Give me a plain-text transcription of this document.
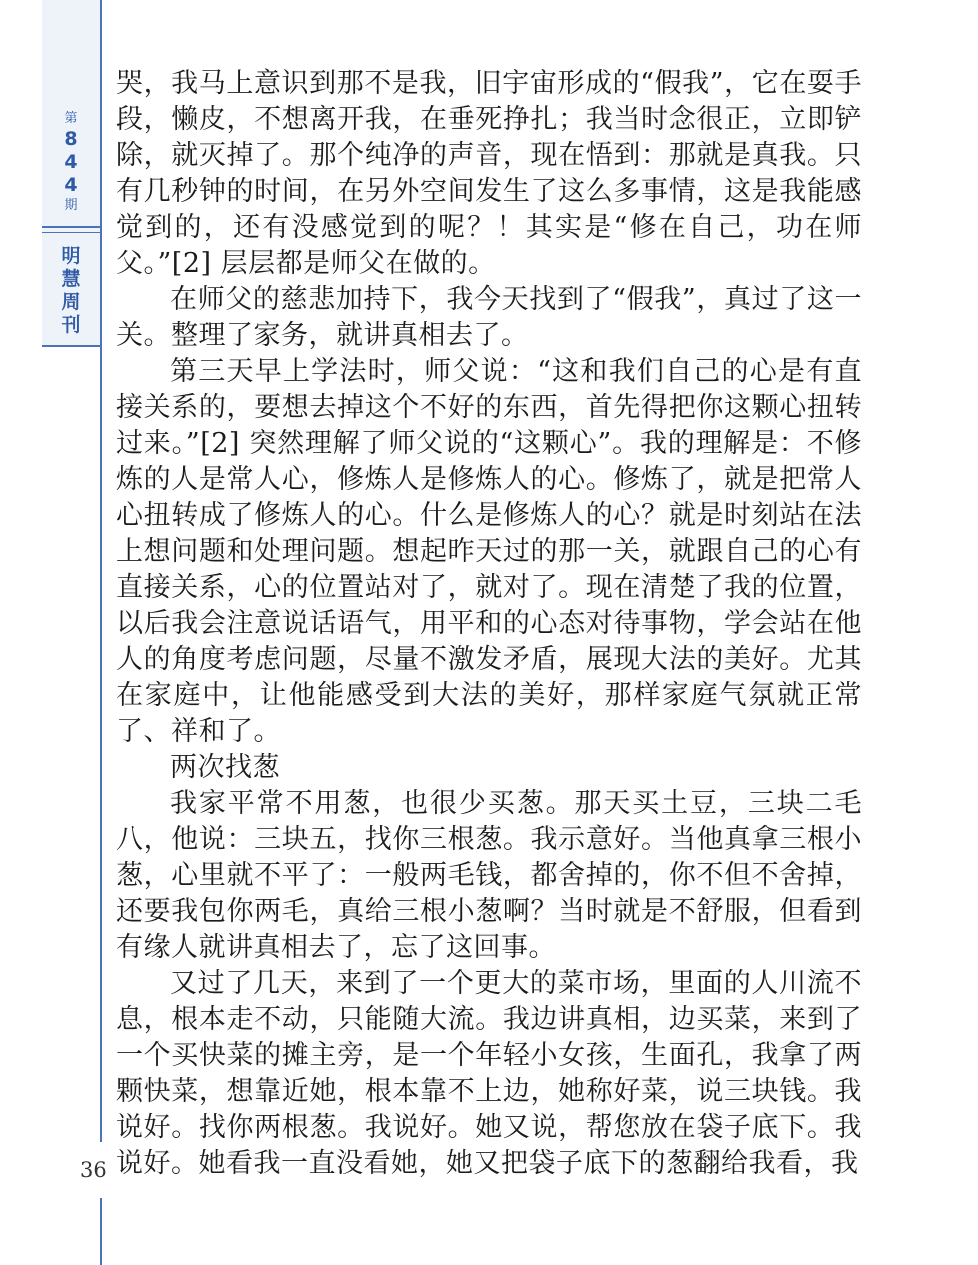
第
8
4
4
期
明
慧
周
刊
36

哭，我马上意识到那不是我，旧宇宙形成的“假我”，它在耍手段，懒皮，不想离开我，在垂死挣扎；我当时念很正，立即铲除，就灭掉了。那个纯净的声音，现在悟到：那就是真我。只有几秒钟的时间，在另外空间发生了这么多事情，这是我能感觉到的，还有没感觉到的呢？！其实是“修在自己，功在师父。”[2] 层层都是师父在做的。

在师父的慈悲加持下，我今天找到了“假我”，真过了这一关。整理了家务，就讲真相去了。

第三天早上学法时，师父说：“这和我们自己的心是有直接关系的，要想去掉这个不好的东西，首先得把你这颗心扭转过来。”[2] 突然理解了师父说的“这颗心”。我的理解是：不修炼的人是常人心，修炼人是修炼人的心。修炼了，就是把常人心扭转成了修炼人的心。什么是修炼人的心？就是时刻站在法上想问题和处理问题。想起昨天过的那一关，就跟自己的心有直接关系，心的位置站对了，就对了。现在清楚了我的位置，以后我会注意说话语气，用平和的心态对待事物，学会站在他人的角度考虑问题，尽量不激发矛盾，展现大法的美好。尤其在家庭中，让他能感受到大法的美好，那样家庭气氛就正常了、祥和了。

两次找葱

我家平常不用葱，也很少买葱。那天买土豆，三块二毛八，他说：三块五，找你三根葱。我示意好。当他真拿三根小葱，心里就不平了：一般两毛钱，都舍掉的，你不但不舍掉，还要我包你两毛，真给三根小葱啊？当时就是不舒服，但看到有缘人就讲真相去了，忘了这回事。

又过了几天，来到了一个更大的菜市场，里面的人川流不息，根本走不动，只能随大流。我边讲真相，边买菜，来到了一个买快菜的摊主旁，是一个年轻小女孩，生面孔，我拿了两颗快菜，想靠近她，根本靠不上边，她称好菜，说三块钱。我说好。找你两根葱。我说好。她又说，帮您放在袋子底下。我说好。她看我一直没看她，她又把袋子底下的葱翻给我看，我
